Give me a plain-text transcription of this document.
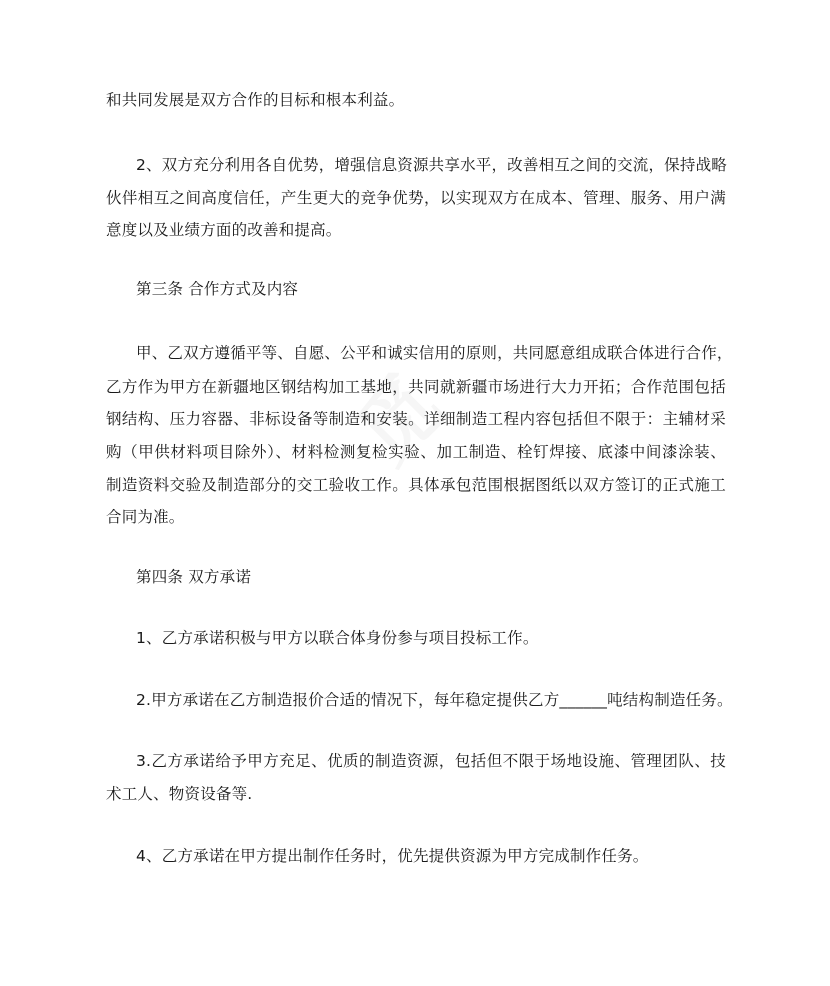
和共同发展是双方合作的目标和根本利益。
2、双方充分利用各自优势，增强信息资源共享水平，改善相互之间的交流，保持战略
伙伴相互之间高度信任，产生更大的竞争优势，以实现双方在成本、管理、服务、用户满
意度以及业绩方面的改善和提高。
第三条 合作方式及内容
甲、乙双方遵循平等、自愿、公平和诚实信用的原则，共同愿意组成联合体进行合作，
乙方作为甲方在新疆地区钢结构加工基地，共同就新疆市场进行大力开拓；合作范围包括
钢结构、压力容器、非标设备等制造和安装。详细制造工程内容包括但不限于：主辅材采
购（甲供材料项目除外）、材料检测复检实验、加工制造、栓钉焊接、底漆中间漆涂装、
制造资料交验及制造部分的交工验收工作。具体承包范围根据图纸以双方签订的正式施工
合同为准。
第四条 双方承诺
1、乙方承诺积极与甲方以联合体身份参与项目投标工作。
2.甲方承诺在乙方制造报价合适的情况下，每年稳定提供乙方______吨结构制造任务。
3.乙方承诺给予甲方充足、优质的制造资源，包括但不限于场地设施、管理团队、技
术工人、物资设备等.
4、乙方承诺在甲方提出制作任务时，优先提供资源为甲方完成制作任务。
